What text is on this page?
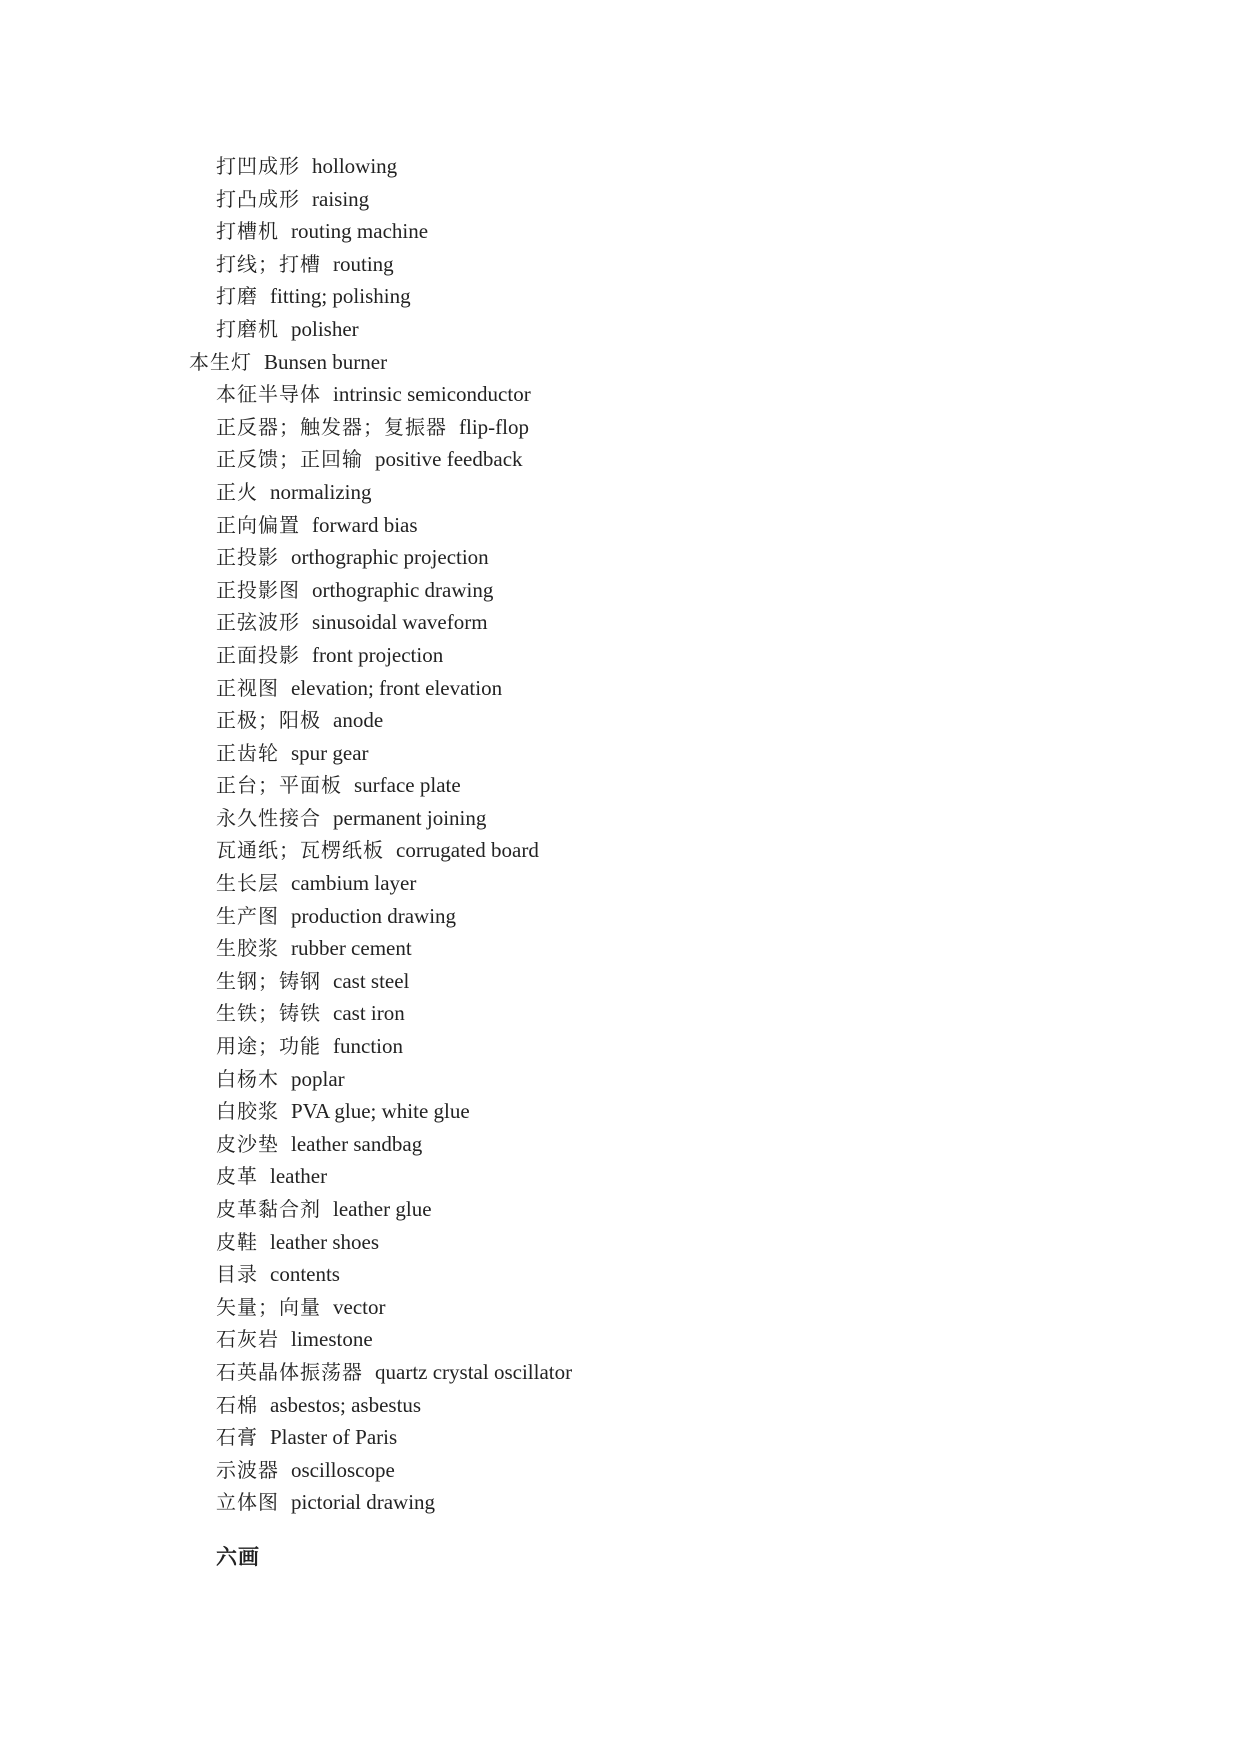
打凹成形 hollowing
打凸成形 raising
打槽机 routing machine
打线；打槽 routing
打磨 fitting; polishing
打磨机 polisher
本生灯 Bunsen burner
本征半导体 intrinsic semiconductor
正反器；触发器；复振器 flip-flop
正反馈；正回输 positive feedback
正火 normalizing
正向偏置 forward bias
正投影 orthographic projection
正投影图 orthographic drawing
正弦波形 sinusoidal waveform
正面投影 front projection
正视图 elevation; front elevation
正极；阳极 anode
正齿轮 spur gear
正台；平面板 surface plate
永久性接合 permanent joining
瓦通纸；瓦楞纸板 corrugated board
生长层 cambium layer
生产图 production drawing
生胶浆 rubber cement
生钢；铸钢 cast steel
生铁；铸铁 cast iron
用途；功能 function
白杨木 poplar
白胶浆 PVA glue; white glue
皮沙垫 leather sandbag
皮革 leather
皮革黏合剂 leather glue
皮鞋 leather shoes
目录 contents
矢量；向量 vector
石灰岩 limestone
石英晶体振荡器 quartz crystal oscillator
石棉 asbestos; asbestus
石膏 Plaster of Paris
示波器 oscilloscope
立体图 pictorial drawing
六画
